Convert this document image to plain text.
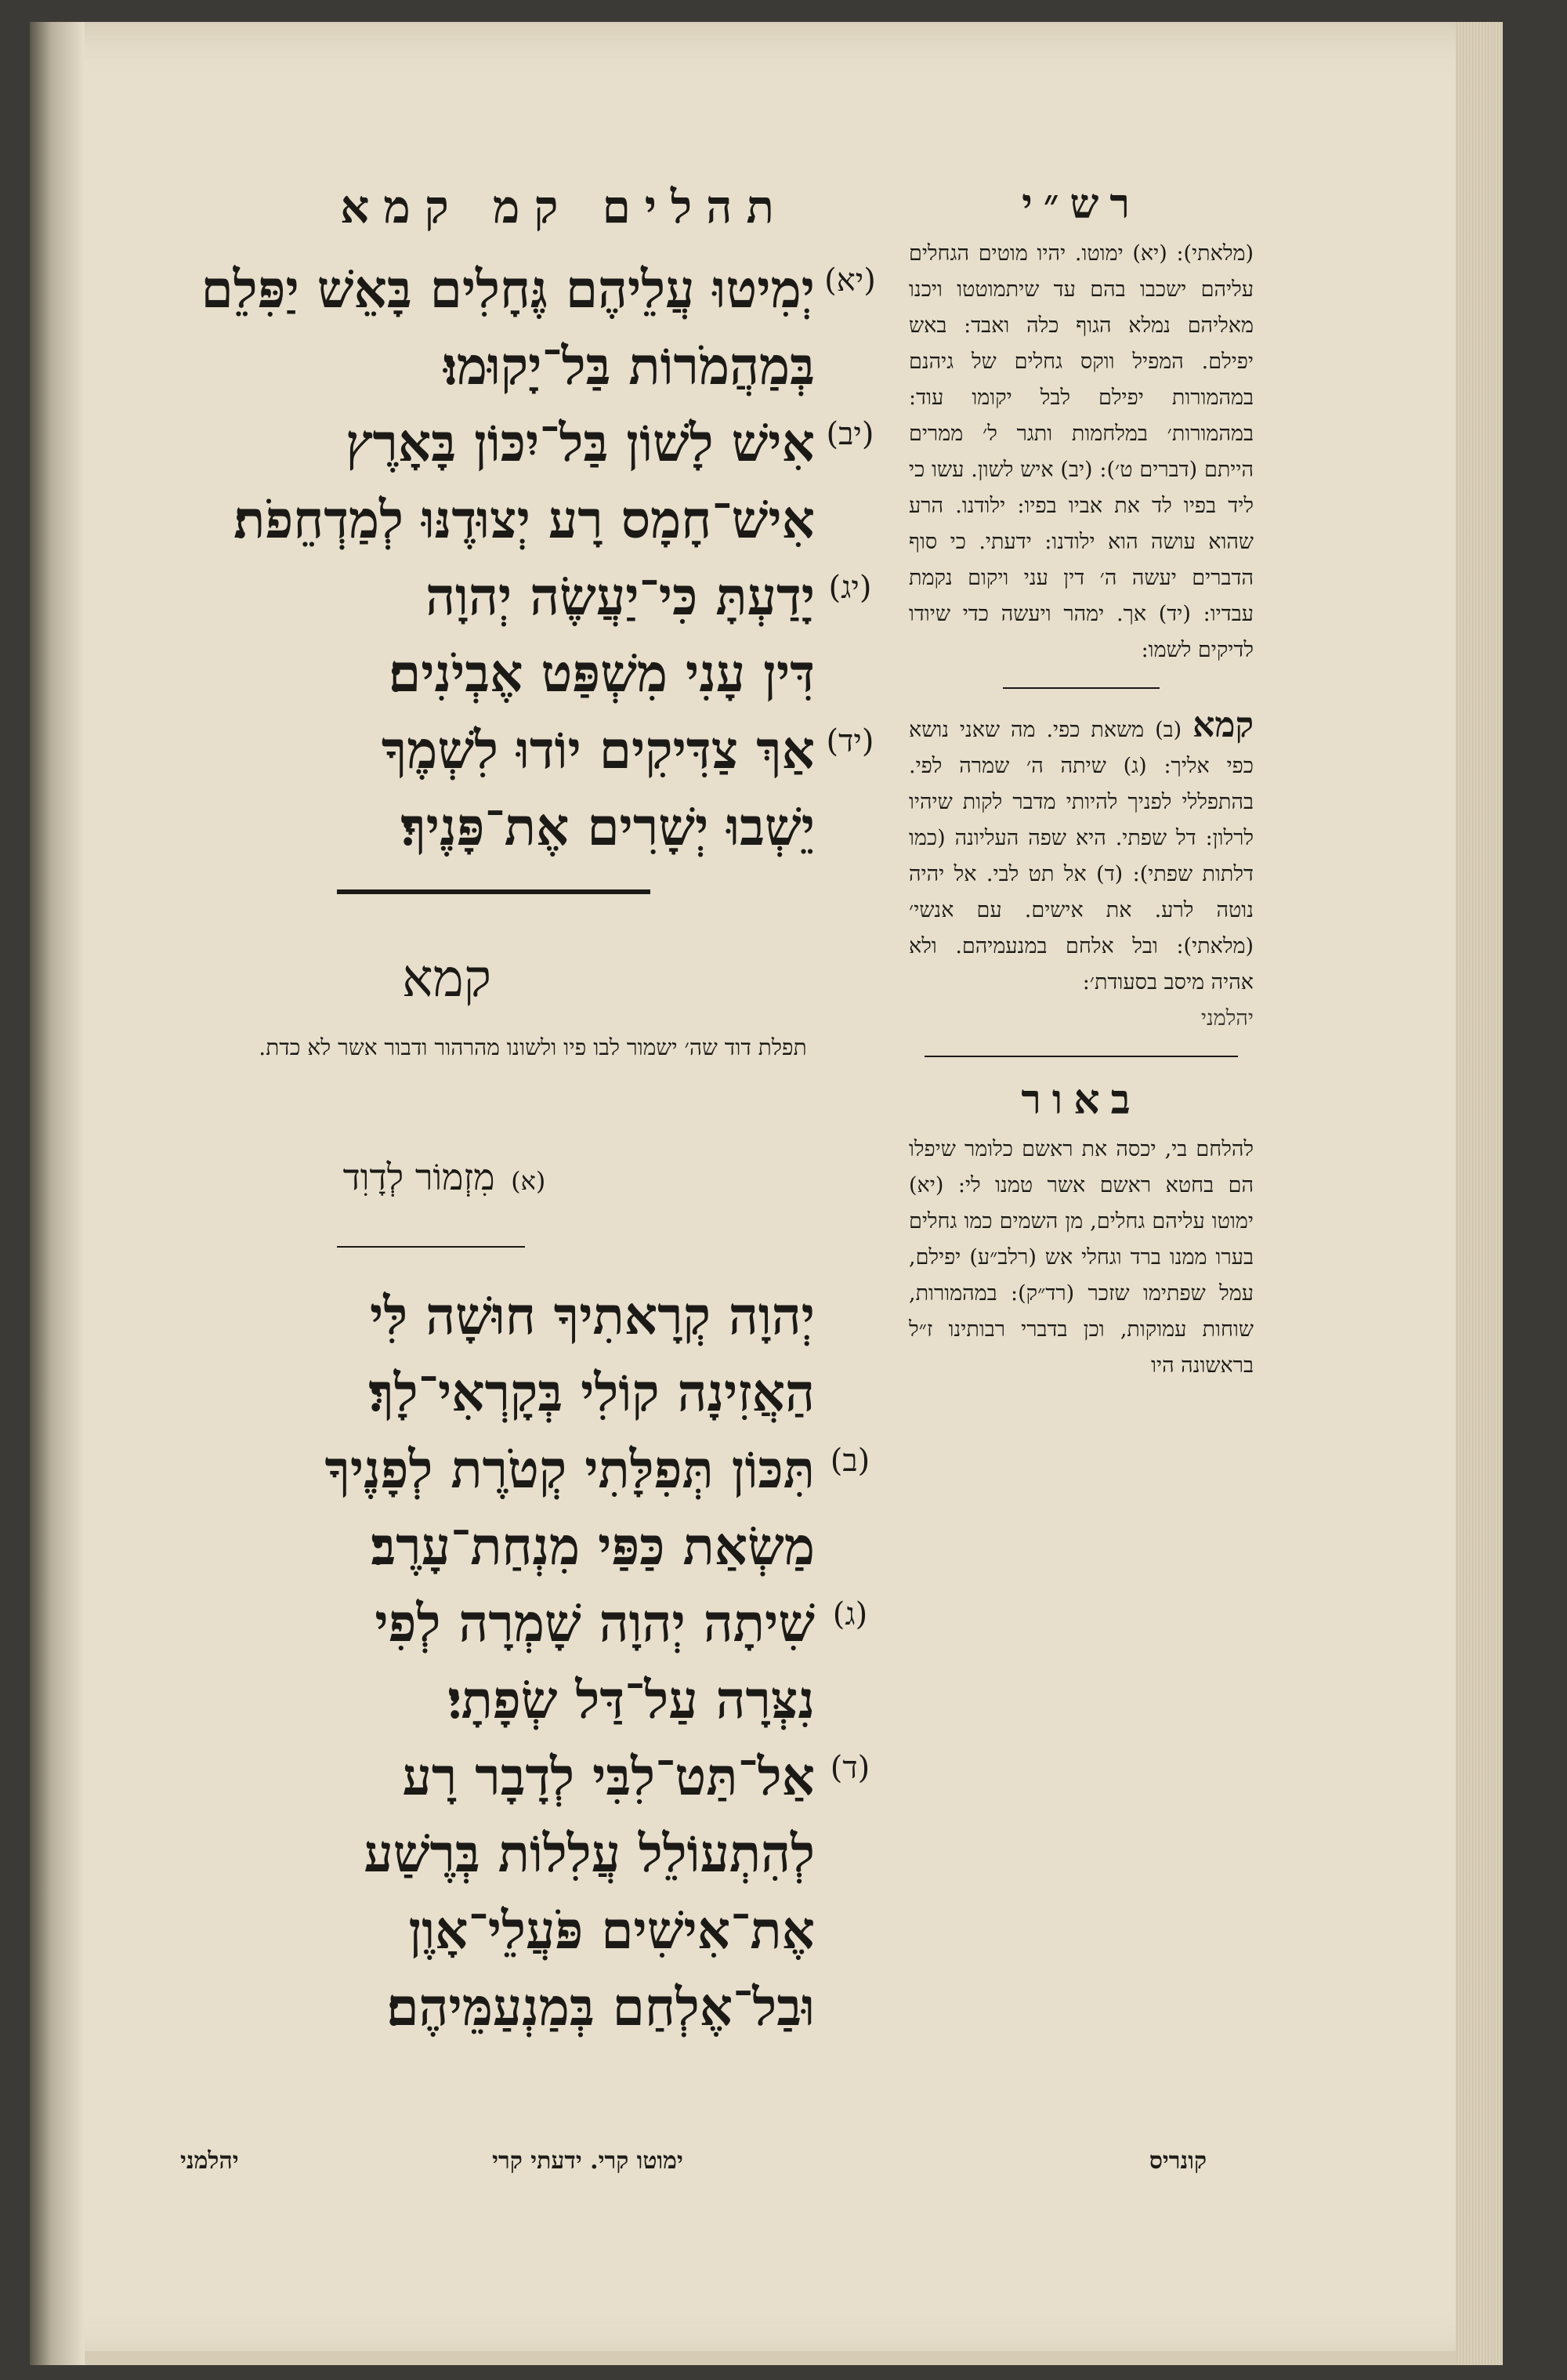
תהלים קמ קמא
(יא)
יְמִיטוּ עֲלֵיהֶם גֶּחָלִים בָּאֵשׁ יַפִּלֵם
בְּמַהֲמֹרוֹת בַּל־יָקוּמוּ׃
(יב)
אִישׁ לָשׁוֹן בַּל־יִכּוֹן בָּאָרֶץ
אִישׁ־חָמָס רָע יְצוּדֶנּוּ לְמַדְחֵפֹת׃
(יג)
יָדַעְתָּ כִּי־יַעֲשֶׂה יְהוָה
דִּין עָנִי מִשְׁפַּט אֶבְיֹנִים׃
(יד)
אַךְ צַדִּיקִים יוֹדוּ לִשְׁמֶךָ
יֵשְׁבוּ יְשָׁרִים אֶת־פָּנֶיךָ׃
קמא
תפלת דוד שה׳ ישמור לבו פיו ולשונו מהרהור ודבור אשר לא כדת.
(א) מִזְמוֹר לְדָוִד
יְהוָה קְרָאתִיךָ חוּשָׁה לִּי
הַאֲזִינָה קוֹלִי בְּקָרְאִי־לָךְ׃
(ב)
תִּכּוֹן תְּפִלָּתִי קְטֹרֶת לְפָנֶיךָ
מַשְׂאַת כַּפַּי מִנְחַת־עָרֶב׃
(ג)
שִׁיתָה יְהוָה שָׁמְרָה לְפִי
נִצְּרָה עַל־דַּל שְׂפָתָי׃
(ד)
אַל־תַּט־לִבִּי לְדָבָר רָע
לְהִתְעוֹלֵל עֲלִלוֹת בְּרֶשַׁע
אֶת־אִישִׁים פֹּעֲלֵי־אָוֶן
וּבַל־אֶלְחַם בְּמַנְעַמֵּיהֶם׃
ימוטו קרי. ידעתי קרי
יהלמני
רש״י
(מלאתי): (יא) ימוטו. יהיו מוטים הגחלים עליהם ישכבו בהם עד שיתמוטטו ויכנו מאליהם נמלא הגוף כלה ואבד: באש יפילם. המפיל ווקס גחלים של גיהנם במהמורות יפילם לבל יקומו עוד: במהמורות׳ במלחמות ותגר ל׳ ממרים הייתם (דברים ט׳): (יב) איש לשון. עשו כי ליד בפיו לד את אביו בפיו: ילודנו. הרע שהוא עושה הוא ילודנו: ידעתי. כי סוף הדברים יעשה ה׳ דין עני ויקום נקמת עבדיו: (יד) אך. ימהר ויעשה כדי שיודו לדיקים לשמו:
קמא (ב) משאת כפי. מה שאני נושא כפי אליך: (ג) שיתה ה׳ שמרה לפי. בהתפללי לפניך להיותי מדבר לקות שיהיו לרלון: דל שפתי. היא שפה העליונה (כמו דלתות שפתי): (ד) אל תט לבי. אל יהיה נוטה לרע. את אישים. עם אנשי׳ (מלאתי): ובל אלחם במנעמיהם. ולא אהיה מיסב בסעודת׳:
יהלמני
באור
להלחם בי, יכסה את ראשם כלומר שיפלו הם בחטא ראשם אשר טמנו לי: (יא) ימוטו עליהם גחלים, מן השמים כמו גחלים בערו ממנו ברד וגחלי אש (רלב״ע) יפילם, עמל שפתימו שזכר (רד״ק): במהמורות, שוחות עמוקות, וכן בדברי רבותינו ז״ל בראשונה היו
קונריס
